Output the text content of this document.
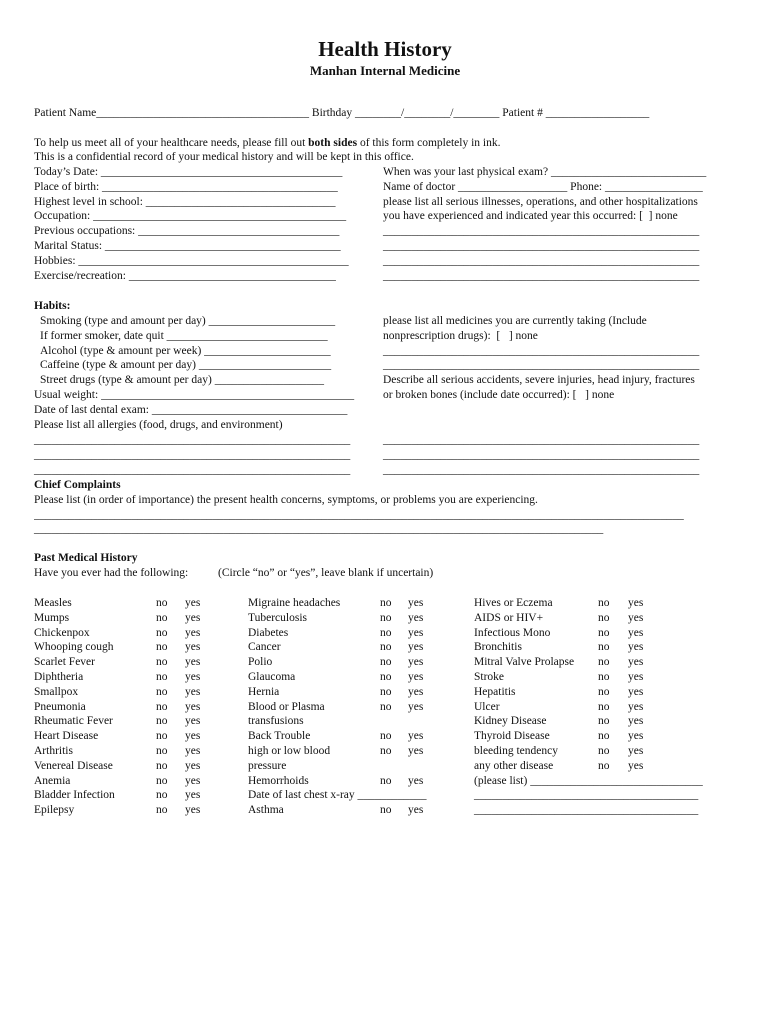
Health History
Manhan Internal Medicine
Patient Name_____________________________________ Birthday ________/________/________ Patient # __________________
To help us meet all of your healthcare needs, please fill out both sides of this form completely in ink.
This is a confidential record of your medical history and will be kept in this office.
Today’s Date: __________________________________________
Place of birth: _________________________________________
Highest level in school: _________________________________
Occupation: ____________________________________________
Previous occupations: ___________________________________
Marital Status: _________________________________________
Hobbies: _______________________________________________
Exercise/recreation: ____________________________________
When was your last physical exam? ___________________________
Name of doctor ___________________ Phone: _________________
please list all serious illnesses, operations, and other hospitalizations
you have experienced and indicated year this occurred: [  ] none
_______________________________________________________
_______________________________________________________
_______________________________________________________
_______________________________________________________
Habits:
Smoking (type and amount per day) ______________________
If former smoker, date quit ____________________________
Alcohol (type & amount per week) ______________________
Caffeine (type & amount per day) _______________________
Street drugs (type & amount per day) ___________________
Usual weight: ____________________________________________
Date of last dental exam: __________________________________
Please list all allergies (food, drugs, and environment)
_______________________________________________________
_______________________________________________________
_______________________________________________________
please list all medicines you are currently taking (Include
nonprescription drugs):  [   ] none
_______________________________________________________
_______________________________________________________
Describe all serious accidents, severe injuries, head injury, fractures
or broken bones (include date occurred): [   ] none
_______________________________________________________
_______________________________________________________
_______________________________________________________
Chief Complaints
Please list (in order of importance) the present health concerns, symptoms, or problems you are experiencing.
_________________________________________________________________________________________________________________
___________________________________________________________________________________________________
Past Medical History
Have you ever had the following:	(Circle “no” or “yes”, leave blank if uncertain)
Measles	no yes
Mumps	no yes
Chickenpox	no yes
Whooping cough	no yes
Scarlet Fever	no yes
Diphtheria	no yes
Smallpox	no yes
Pneumonia	no yes
Rheumatic Fever	no yes
Heart Disease	no yes
Arthritis	no yes
Venereal Disease	no yes
Anemia	no yes
Bladder Infection	no yes
Epilepsy	no yes
Migraine headaches	no yes
Tuberculosis	no yes
Diabetes	no yes
Cancer	no yes
Polio	no yes
Glaucoma	no yes
Hernia	no yes
Blood or Plasma	no yes
transfusions
Back Trouble	no yes
high or low blood	no yes
pressure
Hemorrhoids	no yes
Date of last chest x-ray ____________
Asthma	no yes
Hives or Eczema	no yes
AIDS or HIV+	no yes
Infectious Mono	no yes
Bronchitis	no yes
Mitral Valve Prolapse no yes
Stroke	no yes
Hepatitis	no yes
Ulcer	no yes
Kidney Disease	no yes
Thyroid Disease	no yes
bleeding tendency	no yes
any other disease	no yes
(please list) ______________________________
_______________________________________
_______________________________________
